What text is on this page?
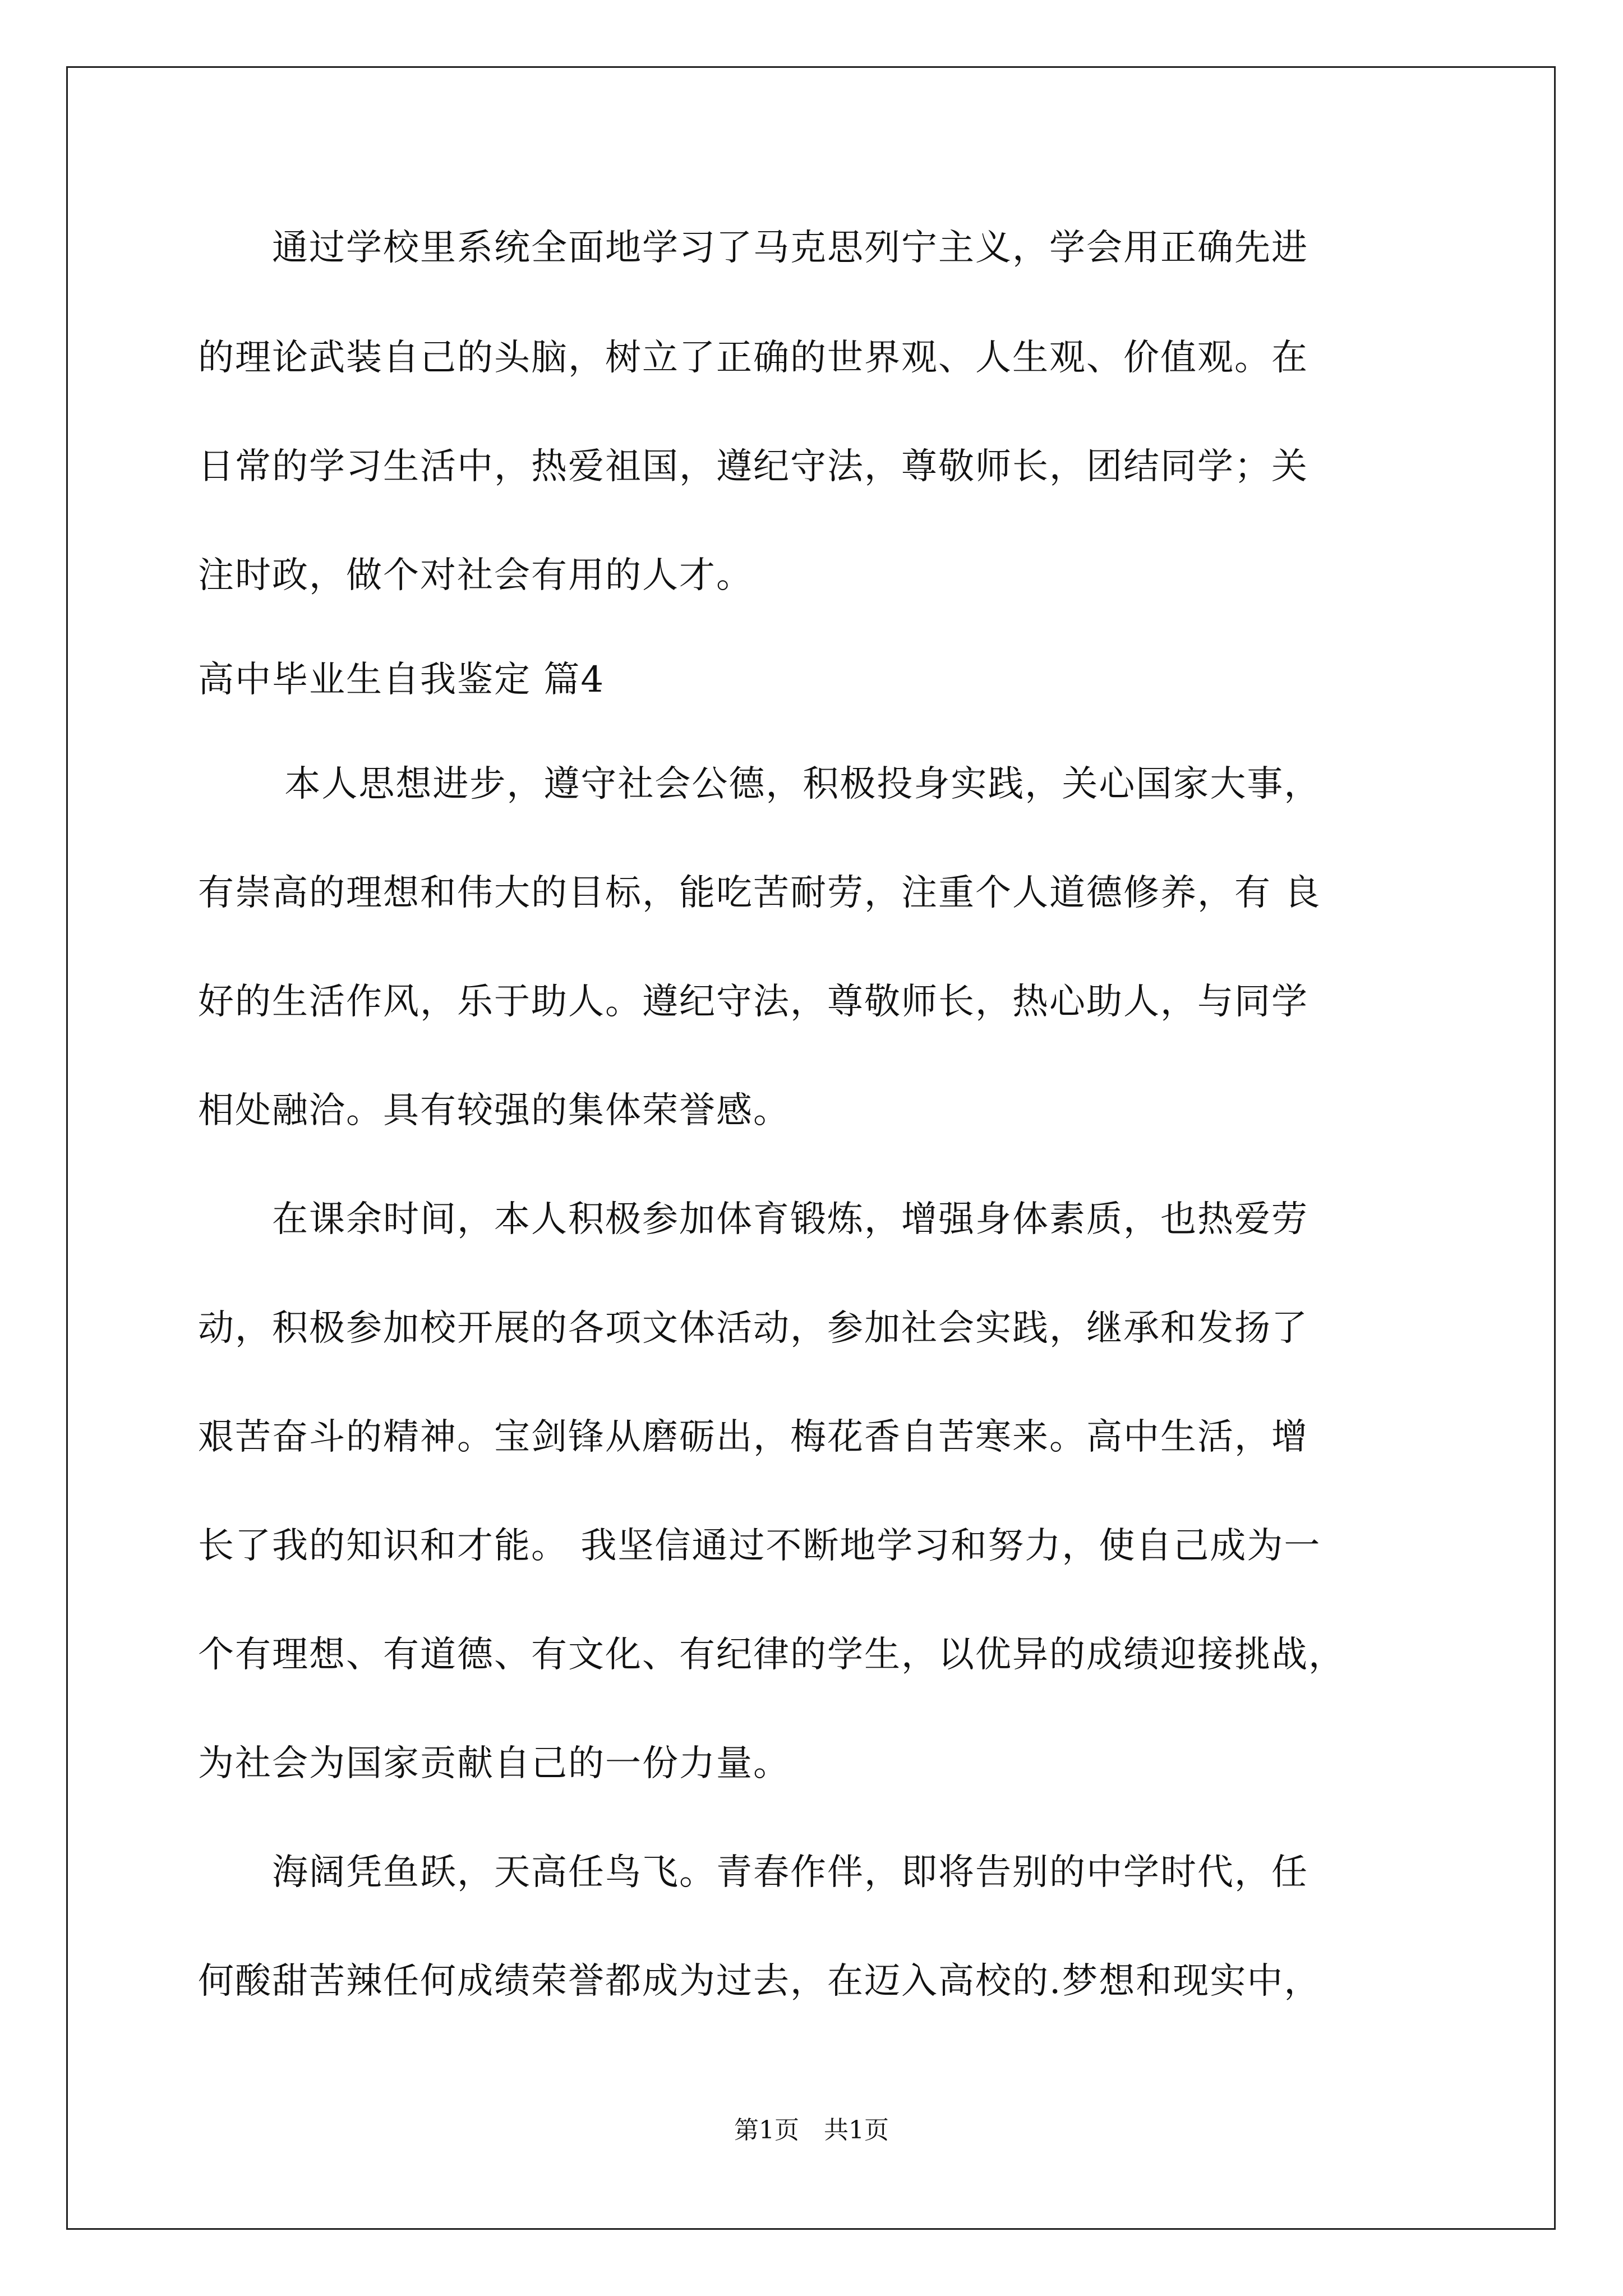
　　通过学校里系统全面地学习了马克思列宁主义，学会用正确先进
的理论武装自己的头脑，树立了正确的世界观、人生观、价值观。在
日常的学习生活中，热爱祖国，遵纪守法，尊敬师长，团结同学；关
注时政，做个对社会有用的人才。
高中毕业生自我鉴定 篇4
　　 本人思想进步，遵守社会公德，积极投身实践，关心国家大事，
有崇高的理想和伟大的目标，能吃苦耐劳，注重个人道德修养，有 良
好的生活作风，乐于助人。遵纪守法，尊敬师长，热心助人，与同学
相处融洽。具有较强的集体荣誉感。
　　在课余时间，本人积极参加体育锻炼，增强身体素质，也热爱劳
动，积极参加校开展的各项文体活动，参加社会实践，继承和发扬了
艰苦奋斗的精神。宝剑锋从磨砺出，梅花香自苦寒来。高中生活，增
长了我的知识和才能。 我坚信通过不断地学习和努力，使自己成为一
个有理想、有道德、有文化、有纪律的学生，以优异的成绩迎接挑战，
为社会为国家贡献自己的一份力量。
　　海阔凭鱼跃，天高任鸟飞。青春作伴，即将告别的中学时代，任
何酸甜苦辣任何成绩荣誉都成为过去，在迈入高校的.梦想和现实中，
第1页　共1页
